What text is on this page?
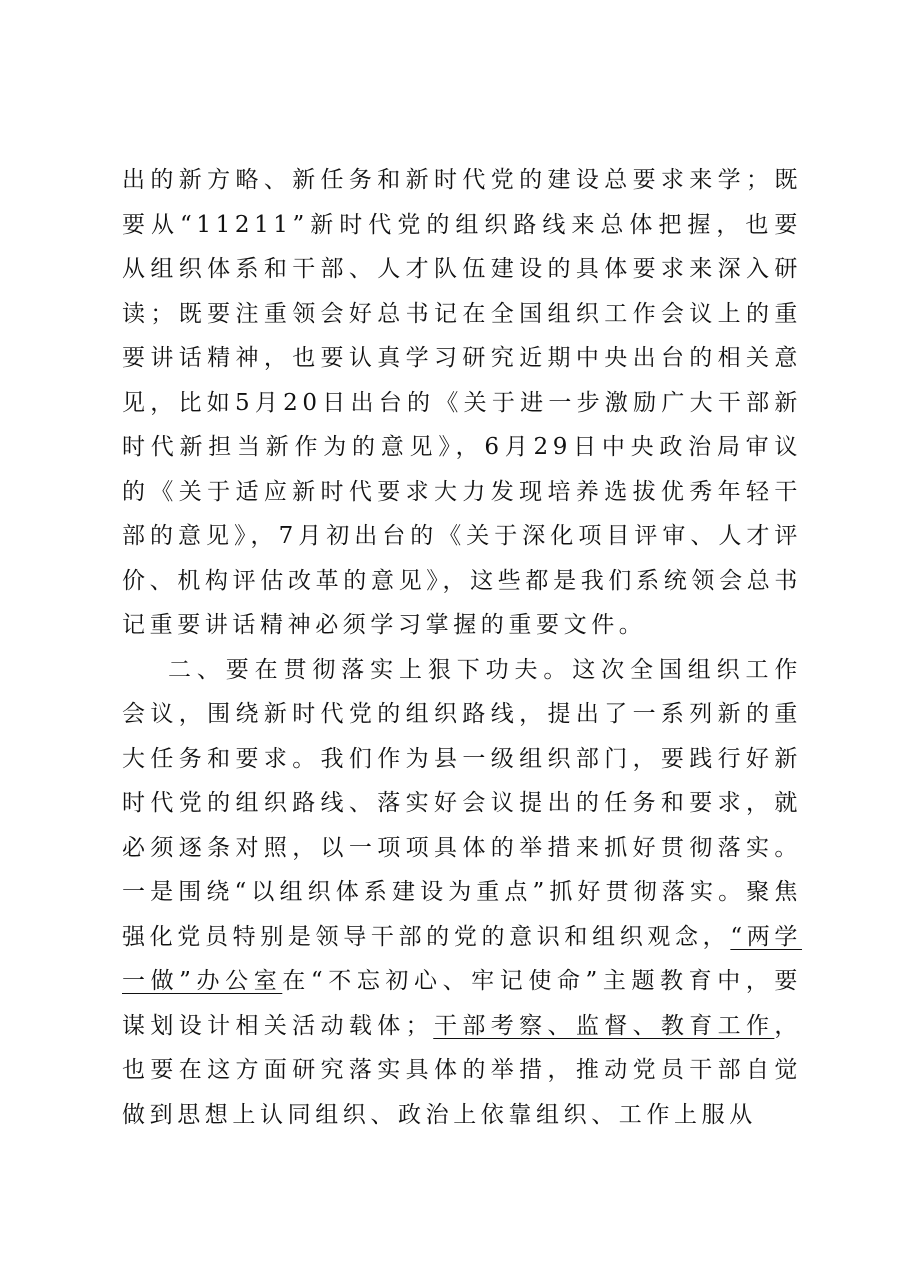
出的新方略、新任务和新时代党的建设总要求来学；既要从“11211”新时代党的组织路线来总体把握，也要从组织体系和干部、人才队伍建设的具体要求来深入研读；既要注重领会好总书记在全国组织工作会议上的重要讲话精神，也要认真学习研究近期中央出台的相关意见，比如5月20日出台的《关于进一步激励广大干部新时代新担当新作为的意见》，6月29日中央政治局审议的《关于适应新时代要求大力发现培养选拔优秀年轻干部的意见》，7月初出台的《关于深化项目评审、人才评价、机构评估改革的意见》，这些都是我们系统领会总书记重要讲话精神必须学习掌握的重要文件。

二、要在贯彻落实上狠下功夫。这次全国组织工作会议，围绕新时代党的组织路线，提出了一系列新的重大任务和要求。我们作为县一级组织部门，要践行好新时代党的组织路线、落实好会议提出的任务和要求，就必须逐条对照，以一项项具体的举措来抓好贯彻落实。一是围绕“以组织体系建设为重点”抓好贯彻落实。聚焦强化党员特别是领导干部的党的意识和组织观念，“两学一做”办公室在“不忘初心、牢记使命”主题教育中，要谋划设计相关活动载体；干部考察、监督、教育工作，也要在这方面研究落实具体的举措，推动党员干部自觉做到思想上认同组织、政治上依靠组织、工作上服从
